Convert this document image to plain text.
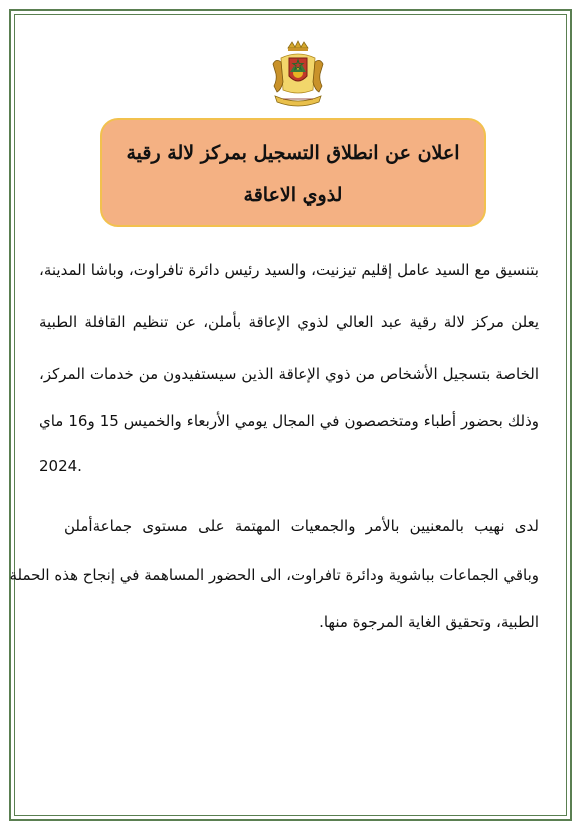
اعلان عن انطلاق التسجيل بمركز لالة رقية
لذوي الاعاقة
بتنسيق مع السيد عامل إقليم تيزنيت، والسيد رئيس دائرة تافراوت، وباشا المدينة،
يعلن مركز لالة رقية عبد العالي لذوي الإعاقة بأملن، عن تنظيم القافلة الطبية
الخاصة بتسجيل الأشخاص من ذوي الإعاقة الذين سيستفيدون من خدمات المركز،
وذلك بحضور أطباء ومتخصصون في المجال يومي الأربعاء والخميس 15 و16 ماي
2024.
لدى نهيب بالمعنيين بالأمر والجمعيات المهتمة على مستوى جماعةأملن
وباقي الجماعات بباشوية ودائرة تافراوت، الى الحضور المساهمة في إنجاح هذه الحملة
الطبية، وتحقيق الغاية المرجوة منها.
